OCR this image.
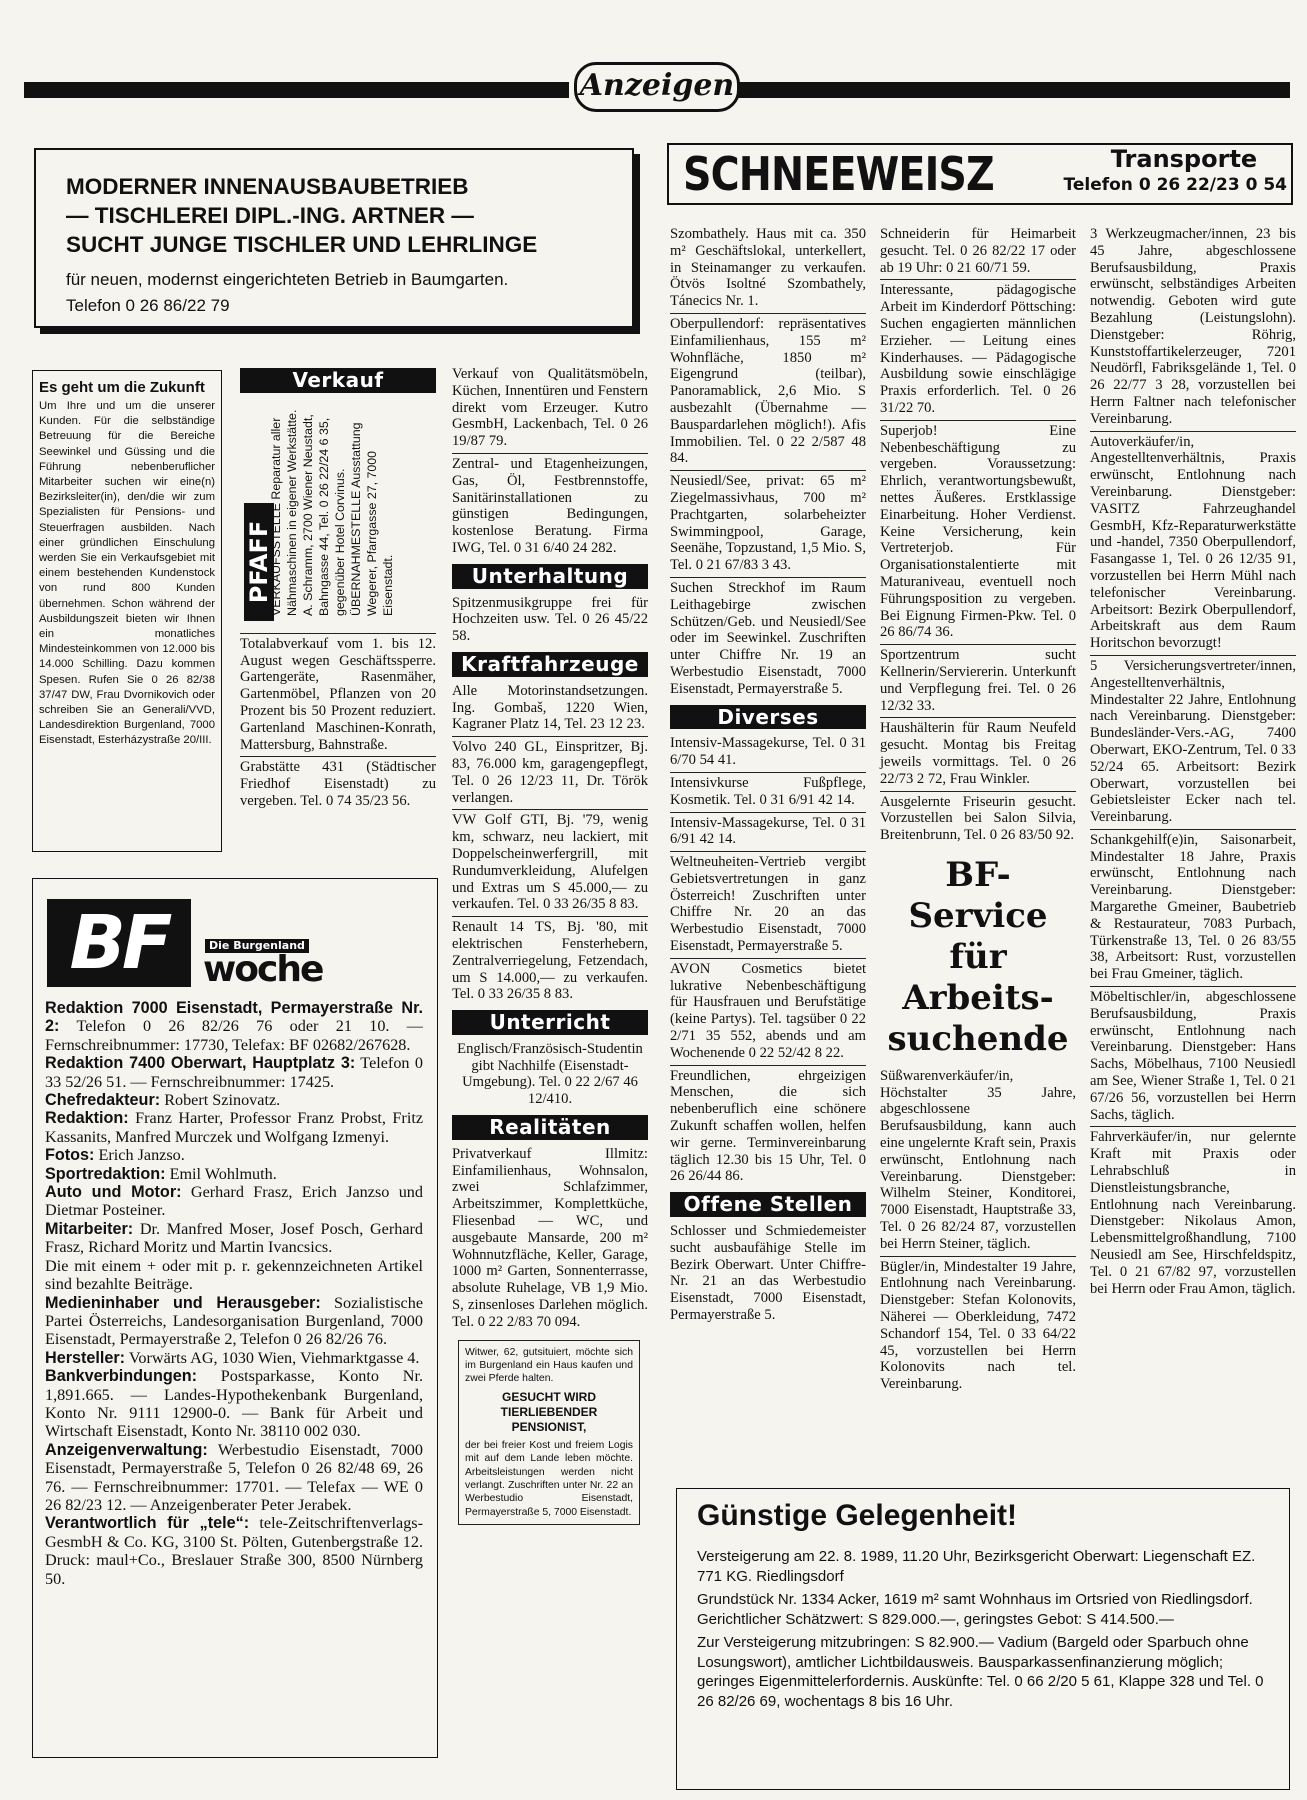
Anzeigen
MODERNER INNENAUSBAUBETRIEB
— TISCHLEREI DIPL.-ING. ARTNER —
SUCHT JUNGE TISCHLER UND LEHRLINGE
für neuen, modernst eingerichteten Betrieb in Baumgarten.
Telefon 0 26 86/22 79
SCHNEEWEISZ	Transporte
Telefon 0 26 22/23 0 54
Es geht um die Zukunft
Um Ihre und um die unserer Kunden. Für die selbständige Betreuung für die Bereiche Seewinkel und Güssing und die Führung nebenberuflicher Mitarbeiter suchen wir eine(n) Bezirksleiter(in), den/die wir zum Spezialisten für Pensions- und Steuerfragen ausbilden. Nach einer gründlichen Einschulung werden Sie ein Verkaufsgebiet mit einem bestehenden Kundenstock von rund 800 Kunden übernehmen. Schon während der Ausbildungszeit bieten wir Ihnen ein monatliches Mindesteinkommen von 12.000 bis 14.000 Schilling. Dazu kommen Spesen. Rufen Sie 0 26 82/38 37/47 DW, Frau Dvornikovich oder schreiben Sie an Generali/VVD, Landesdirektion Burgenland, 7000 Eisenstadt, Esterházystraße 20/III.
Verkauf
PFAFF
VERKAUFSSTELLE Reparatur aller Nähmaschinen in eigener Werkstätte. A. Schramm, 2700 Wiener Neustadt, Bahngasse 44, Tel. 0 26 22/24 6 35, gegenüber Hotel Corvinus. ÜBERNAHMESTELLE Ausstattung Wegerer, Pfarrgasse 27, 7000 Eisenstadt.

Totalabverkauf vom 1. bis 12. August wegen Geschäftssperre. Gartengeräte, Rasenmäher, Gartenmöbel, Pflanzen von 20 Prozent bis 50 Prozent reduziert. Gartenland Maschinen-Konrath, Mattersburg, Bahnstraße.

Grabstätte 431 (Städtischer Friedhof Eisenstadt) zu vergeben. Tel. 0 74 35/23 56.

Verkauf von Qualitätsmöbeln, Küchen, Innentüren und Fenstern direkt vom Erzeuger. Kutro GesmbH, Lackenbach, Tel. 0 26 19/87 79.

Zentral- und Etagenheizungen, Gas, Öl, Festbrennstoffe, Sanitärinstallationen zu günstigen Bedingungen, kostenlose Beratung. Firma IWG, Tel. 0 31 6/40 24 282.

Unterhaltung

Spitzenmusikgruppe frei für Hochzeiten usw. Tel. 0 26 45/22 58.

Kraftfahrzeuge

Alle Motorinstandsetzungen. Ing. Gombaš, 1220 Wien, Kagraner Platz 14, Tel. 23 12 23.

Volvo 240 GL, Einspritzer, Bj. 83, 76.000 km, garagengepflegt, Tel. 0 26 12/23 11, Dr. Török verlangen.

VW Golf GTI, Bj. '79, wenig km, schwarz, neu lackiert, mit Doppelscheinwerfergrill, mit Rundumverkleidung, Alufelgen und Extras um S 45.000,— zu verkaufen. Tel. 0 33 26/35 8 83.

Renault 14 TS, Bj. '80, mit elektrischen Fensterhebern, Zentralverriegelung, Fetzendach, um S 14.000,— zu verkaufen. Tel. 0 33 26/35 8 83.

Unterricht

Englisch/Französisch-Studentin gibt Nachhilfe (Eisenstadt-Umgebung). Tel. 0 22 2/67 46 12/410.

Realitäten

Privatverkauf Illmitz: Einfamilienhaus, Wohnsalon, zwei Schlafzimmer, Arbeitszimmer, Komplettküche, Fliesenbad — WC, und ausgebaute Mansarde, 200 m² Wohnnutzfläche, Keller, Garage, 1000 m² Garten, Sonnenterrasse, absolute Ruhelage, VB 1,9 Mio. S, zinsenloses Darlehen möglich. Tel. 0 22 2/83 70 094.

Witwer, 62, gutsituiert, möchte sich im Burgenland ein Haus kaufen und zwei Pferde halten.
GESUCHT WIRD TIERLIEBENDER PENSIONIST,
der bei freier Kost und freiem Logis mit auf dem Lande leben möchte. Arbeitsleistungen werden nicht verlangt. Zuschriften unter Nr. 22 an Werbestudio Eisenstadt, Permayerstraße 5, 7000 Eisenstadt.

Szombathely. Haus mit ca. 350 m² Geschäftslokal, unterkellert, in Steinamanger zu verkaufen. Ötvös Isoltné Szombathely, Tánecics Nr. 1.

Oberpullendorf: repräsentatives Einfamilienhaus, 155 m² Wohnfläche, 1850 m² Eigengrund (teilbar), Panoramablick, 2,6 Mio. S ausbezahlt (Übernahme — Bauspardarlehen möglich!). Afis Immobilien. Tel. 0 22 2/587 48 84.

Neusiedl/See, privat: 65 m² Ziegelmassivhaus, 700 m² Prachtgarten, solarbeheizter Swimmingpool, Garage, Seenähe, Topzustand, 1,5 Mio. S, Tel. 0 21 67/83 3 43.

Suchen Streckhof im Raum Leithagebirge zwischen Schützen/Geb. und Neusiedl/See oder im Seewinkel. Zuschriften unter Chiffre Nr. 19 an Werbestudio Eisenstadt, 7000 Eisenstadt, Permayerstraße 5.

Diverses

Intensiv-Massagekurse, Tel. 0 31 6/70 54 41.

Intensivkurse Fußpflege, Kosmetik. Tel. 0 31 6/91 42 14.

Intensiv-Massagekurse, Tel. 0 31 6/91 42 14.

Weltneuheiten-Vertrieb vergibt Gebietsvertretungen in ganz Österreich! Zuschriften unter Chiffre Nr. 20 an das Werbestudio Eisenstadt, 7000 Eisenstadt, Permayerstraße 5.

AVON Cosmetics bietet lukrative Nebenbeschäftigung für Hausfrauen und Berufstätige (keine Partys). Tel. tagsüber 0 22 2/71 35 552, abends und am Wochenende 0 22 52/42 8 22.

Freundlichen, ehrgeizigen Menschen, die sich nebenberuflich eine schönere Zukunft schaffen wollen, helfen wir gerne. Terminvereinbarung täglich 12.30 bis 15 Uhr, Tel. 0 26 26/44 86.

Offene Stellen

Schlosser und Schmiedemeister sucht ausbaufähige Stelle im Bezirk Oberwart. Unter Chiffre-Nr. 21 an das Werbestudio Eisenstadt, 7000 Eisenstadt, Permayerstraße 5.

Schneiderin für Heimarbeit gesucht. Tel. 0 26 82/22 17 oder ab 19 Uhr: 0 21 60/71 59.

Interessante, pädagogische Arbeit im Kinderdorf Pöttsching: Suchen engagierten männlichen Erzieher. — Leitung eines Kinderhauses. — Pädagogische Ausbildung sowie einschlägige Praxis erforderlich. Tel. 0 26 31/22 70.

Superjob! Eine Nebenbeschäftigung zu vergeben. Voraussetzung: Ehrlich, verantwortungsbewußt, nettes Äußeres. Erstklassige Einarbeitung. Hoher Verdienst. Keine Versicherung, kein Vertreterjob. Für Organisationstalentierte mit Maturaniveau, eventuell noch Führungsposition zu vergeben. Bei Eignung Firmen-Pkw. Tel. 0 26 86/74 36.

Sportzentrum sucht Kellnerin/Serviererin. Unterkunft und Verpflegung frei. Tel. 0 26 12/32 33.

Haushälterin für Raum Neufeld gesucht. Montag bis Freitag jeweils vormittags. Tel. 0 26 22/73 2 72, Frau Winkler.

Ausgelernte Friseurin gesucht. Vorzustellen bei Salon Silvia, Breitenbrunn, Tel. 0 26 83/50 92.

BF-Service
für
Arbeits-
suchende

Süßwarenverkäufer/in, Höchstalter 35 Jahre, abgeschlossene Berufsausbildung, kann auch eine ungelernte Kraft sein, Praxis erwünscht, Entlohnung nach Vereinbarung. Dienstgeber: Wilhelm Steiner, Konditorei, 7000 Eisenstadt, Hauptstraße 33, Tel. 0 26 82/24 87, vorzustellen bei Herrn Steiner, täglich.

Bügler/in, Mindestalter 19 Jahre, Entlohnung nach Vereinbarung. Dienstgeber: Stefan Kolonovits, Näherei — Oberkleidung, 7472 Schandorf 154, Tel. 0 33 64/22 45, vorzustellen bei Herrn Kolonovits nach tel. Vereinbarung.

3 Werkzeugmacher/innen, 23 bis 45 Jahre, abgeschlossene Berufsausbildung, Praxis erwünscht, selbständiges Arbeiten notwendig. Geboten wird gute Bezahlung (Leistungslohn). Dienstgeber: Röhrig, Kunststoffartikelerzeuger, 7201 Neudörfl, Fabriksgelände 1, Tel. 0 26 22/77 3 28, vorzustellen bei Herrn Faltner nach telefonischer Vereinbarung.

Autoverkäufer/in, Angestelltenverhältnis, Praxis erwünscht, Entlohnung nach Vereinbarung. Dienstgeber: VASITZ Fahrzeughandel GesmbH, Kfz-Reparaturwerkstätte und -handel, 7350 Oberpullendorf, Fasangasse 1, Tel. 0 26 12/35 91, vorzustellen bei Herrn Mühl nach telefonischer Vereinbarung. Arbeitsort: Bezirk Oberpullendorf, Arbeitskraft aus dem Raum Horitschon bevorzugt!

5 Versicherungsvertreter/innen, Angestelltenverhältnis, Mindestalter 22 Jahre, Entlohnung nach Vereinbarung. Dienstgeber: Bundesländer-Vers.-AG, 7400 Oberwart, EKO-Zentrum, Tel. 0 33 52/24 65. Arbeitsort: Bezirk Oberwart, vorzustellen bei Gebietsleister Ecker nach tel. Vereinbarung.

Schankgehilf(e)in, Saisonarbeit, Mindestalter 18 Jahre, Praxis erwünscht, Entlohnung nach Vereinbarung. Dienstgeber: Margarethe Gmeiner, Baubetrieb & Restaurateur, 7083 Purbach, Türkenstraße 13, Tel. 0 26 83/55 38, Arbeitsort: Rust, vorzustellen bei Frau Gmeiner, täglich.

Möbeltischler/in, abgeschlossene Berufsausbildung, Praxis erwünscht, Entlohnung nach Vereinbarung. Dienstgeber: Hans Sachs, Möbelhaus, 7100 Neusiedl am See, Wiener Straße 1, Tel. 0 21 67/26 56, vorzustellen bei Herrn Sachs, täglich.

Fahrverkäufer/in, nur gelernte Kraft mit Praxis oder Lehrabschluß in Dienstleistungsbranche, Entlohnung nach Vereinbarung. Dienstgeber: Nikolaus Amon, Lebensmittelgroßhandlung, 7100 Neusiedl am See, Hirschfeldspitz, Tel. 0 21 67/82 97, vorzustellen bei Herrn oder Frau Amon, täglich.

BF	Die Burgenland
woche
Redaktion 7000 Eisenstadt, Permayerstraße Nr. 2: Telefon 0 26 82/26 76 oder 21 10. — Fernschreibnummer: 17730, Telefax: BF 02682/267628.
Redaktion 7400 Oberwart, Hauptplatz 3: Telefon 0 33 52/26 51. — Fernschreibnummer: 17425.
Chefredakteur: Robert Szinovatz.
Redaktion: Franz Harter, Professor Franz Probst, Fritz Kassanits, Manfred Murczek und Wolfgang Izmenyi.
Fotos: Erich Janzso.
Sportredaktion: Emil Wohlmuth.
Auto und Motor: Gerhard Frasz, Erich Janzso und Dietmar Posteiner.
Mitarbeiter: Dr. Manfred Moser, Josef Posch, Gerhard Frasz, Richard Moritz und Martin Ivancsics.
Die mit einem + oder mit p. r. gekennzeichneten Artikel sind bezahlte Beiträge.
Medieninhaber und Herausgeber: Sozialistische Partei Österreichs, Landesorganisation Burgenland, 7000 Eisenstadt, Permayerstraße 2, Telefon 0 26 82/26 76.
Hersteller: Vorwärts AG, 1030 Wien, Viehmarktgasse 4.
Bankverbindungen: Postsparkasse, Konto Nr. 1,891.665. — Landes-Hypothekenbank Burgenland, Konto Nr. 9111 12900-0. — Bank für Arbeit und Wirtschaft Eisenstadt, Konto Nr. 38110 002 030.
Anzeigenverwaltung: Werbestudio Eisenstadt, 7000 Eisenstadt, Permayerstraße 5, Telefon 0 26 82/48 69, 26 76. — Fernschreibnummer: 17701. — Telefax — WE 0 26 82/23 12. — Anzeigenberater Peter Jerabek.
Verantwortlich für „tele“: tele-Zeitschriftenverlags-GesmbH & Co. KG, 3100 St. Pölten, Gutenbergstraße 12. Druck: maul+Co., Breslauer Straße 300, 8500 Nürnberg 50.
Günstige Gelegenheit!

Versteigerung am 22. 8. 1989, 11.20 Uhr, Bezirksgericht Oberwart: Liegenschaft EZ. 771 KG. Riedlingsdorf

Grundstück Nr. 1334 Acker, 1619 m² samt Wohnhaus im Ortsried von Riedlingsdorf. Gerichtlicher Schätzwert: S 829.000.—, geringstes Gebot: S 414.500.—

Zur Versteigerung mitzubringen: S 82.900.— Vadium (Bargeld oder Sparbuch ohne Losungswort), amtlicher Lichtbildausweis. Bausparkassenfinanzierung möglich; geringes Eigenmittelerfordernis. Auskünfte: Tel. 0 66 2/20 5 61, Klappe 328 und Tel. 0 26 82/26 69, wochentags 8 bis 16 Uhr.
